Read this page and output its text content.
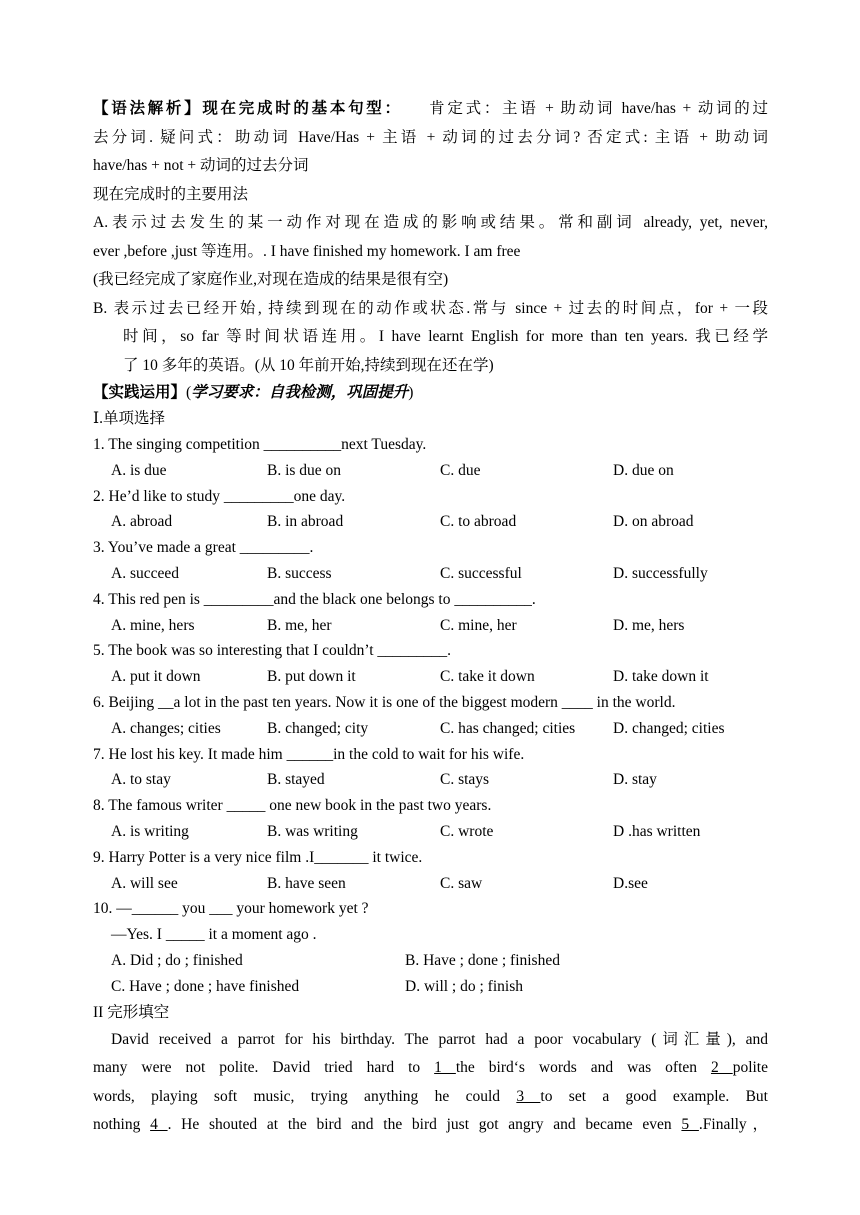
【语法解析】现在完成时的基本句型： 肯定式：主语 + 助动词 have/has + 动词的过
去分词. 疑问式：助动词 Have/Has + 主语 + 动词的过去分词? 否定式: 主语 + 助动词
have/has + not + 动词的过去分词
现在完成时的主要用法
A.表示过去发生的某一动作对现在造成的影响或结果。常和副词 already, yet, never,
ever ,before ,just 等连用。. I have finished my homework. I am free
(我已经完成了家庭作业,对现在造成的结果是很有空)
B. 表示过去已经开始, 持续到现在的动作或状态.常与 since + 过去的时间点，for + 一段
时间，so far 等时间状语连用。I have learnt English for more than ten years. 我已经学
了 10 多年的英语。(从 10 年前开始,持续到现在还在学)
【实践运用】(学习要求：自我检测，巩固提升)
Ⅰ.单项选择
1. The singing competition __________next Tuesday.
A. is due	B. is due on	C. due	D. due on
2. He’d like to study _________one day.
A. abroad	B. in abroad	C. to abroad	D. on abroad
3. You’ve made a great _________.
A. succeed	B. success	C. successful	D. successfully
4. This red pen is _________and the black one belongs to __________.
A. mine, hers	B. me, her	C. mine, her	D. me, hers
5. The book was so interesting that I couldn’t _________.
A. put it down	B. put down it	C. take it down	D. take down it
6. Beijing __a lot in the past ten years. Now it is one of the biggest modern ____ in the world.
A. changes; cities	B. changed; city	C. has changed; cities	D. changed; cities
7. He lost his key. It made him ______in the cold to wait for his wife.
A. to stay	B. stayed	C. stays	D. stay
8. The famous writer _____ one new book in the past two years.
A. is writing	B. was writing	C. wrote	D .has written
9. Harry Potter is a very nice film .I_______ it twice.
A. will see	B. have seen	C. saw	D.see
10. —______ you ___ your homework yet ?
—Yes. I _____ it a moment ago .
A. Did ; do ; finished	B. Have ; done ; finished
C. Have ; done ; have finished	D. will ; do ; finish
II 完形填空
David received a parrot for his birthday. The parrot had a poor vocabulary (词汇量), and
many were not polite. David tried hard to 1 the bird‘s words and was often 2 polite
words, playing soft music, trying anything he could 3 to set a good example. But
nothing 4 . He shouted at the bird and the bird just got angry and became even 5 .Finally，
